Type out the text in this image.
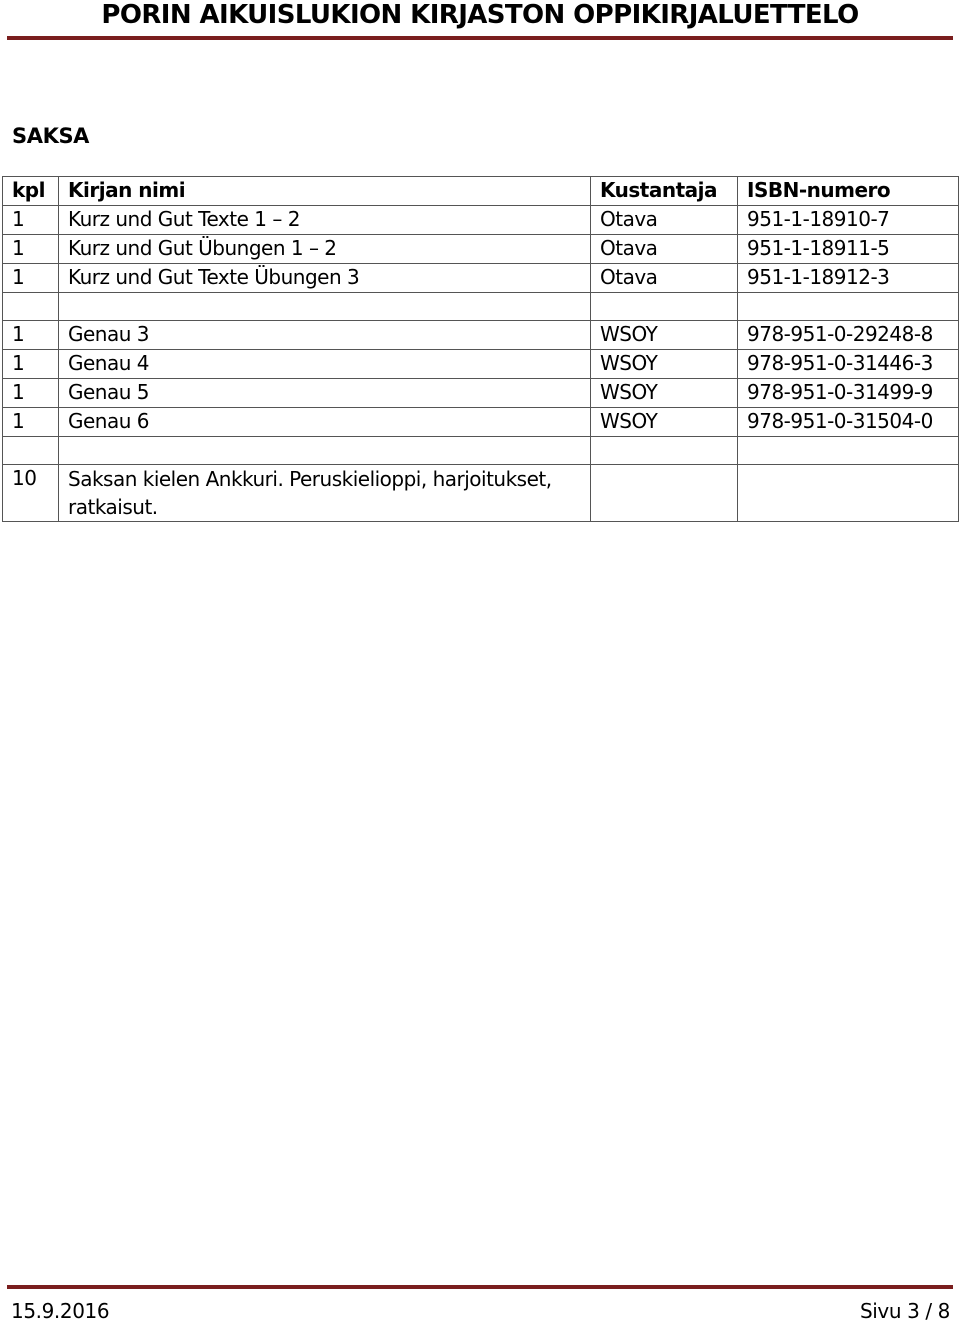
PORIN AIKUISLUKION KIRJASTON OPPIKIRJALUETTELO
SAKSA
kpl	Kirjan nimi	Kustantaja	ISBN-numero
1	Kurz und Gut Texte 1 – 2	Otava	951-1-18910-7
1	Kurz und Gut Übungen 1 – 2	Otava	951-1-18911-5
1	Kurz und Gut Texte Übungen 3	Otava	951-1-18912-3

1	Genau 3	WSOY	978-951-0-29248-8
1	Genau 4	WSOY	978-951-0-31446-3
1	Genau 5	WSOY	978-951-0-31499-9
1	Genau 6	WSOY	978-951-0-31504-0

10	Saksan kielen Ankkuri. Peruskielioppi, harjoitukset, ratkaisut.		
15.9.2016	Sivu 3 / 8
